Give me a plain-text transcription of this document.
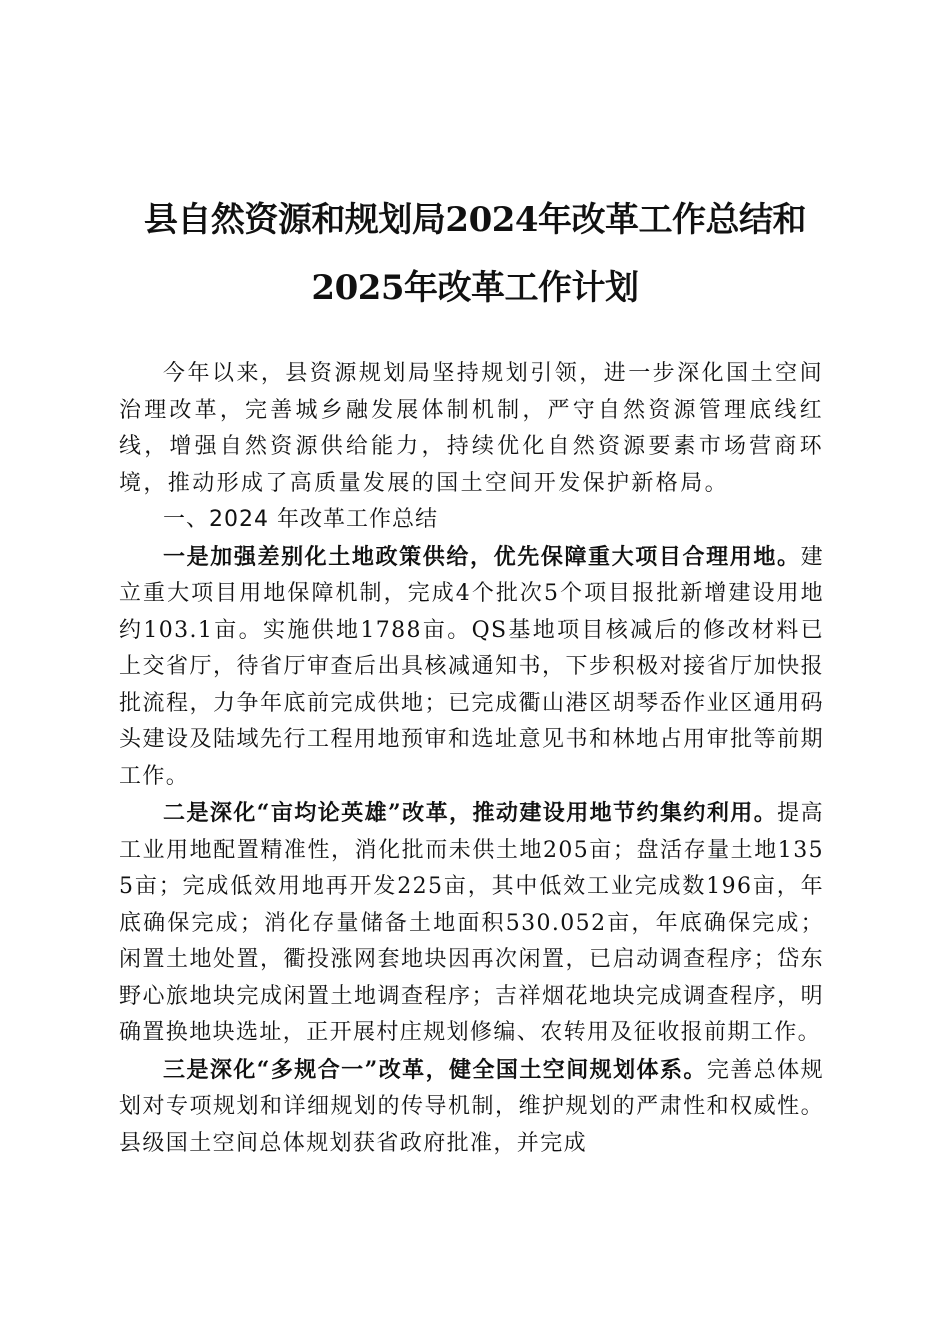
县自然资源和规划局2024年改革工作总结和
2025年改革工作计划

今年以来，县资源规划局坚持规划引领，进一步深化国土空间治理改革，完善城乡融发展体制机制，严守自然资源管理底线红线，增强自然资源供给能力，持续优化自然资源要素市场营商环境，推动形成了高质量发展的国土空间开发保护新格局。

一、2024 年改革工作总结

一是加强差别化土地政策供给，优先保障重大项目合理用地。建立重大项目用地保障机制，完成4个批次5个项目报批新增建设用地约103.1亩。实施供地1788亩。QS基地项目核减后的修改材料已上交省厅，待省厅审查后出具核减通知书，下步积极对接省厅加快报批流程，力争年底前完成供地；已完成衢山港区胡琴岙作业区通用码头建设及陆域先行工程用地预审和选址意见书和林地占用审批等前期工作。

二是深化“亩均论英雄”改革，推动建设用地节约集约利用。提高工业用地配置精准性，消化批而未供土地205亩；盘活存量土地1355亩；完成低效用地再开发225亩，其中低效工业完成数196亩，年底确保完成；消化存量储备土地面积530.052亩，年底确保完成；闲置土地处置，衢投涨网套地块因再次闲置，已启动调查程序；岱东野心旅地块完成闲置土地调查程序；吉祥烟花地块完成调查程序，明确置换地块选址，正开展村庄规划修编、农转用及征收报前期工作。

三是深化“多规合一”改革，健全国土空间规划体系。完善总体规划对专项规划和详细规划的传导机制，维护规划的严肃性和权威性。县级国土空间总体规划获省政府批准，并完成
